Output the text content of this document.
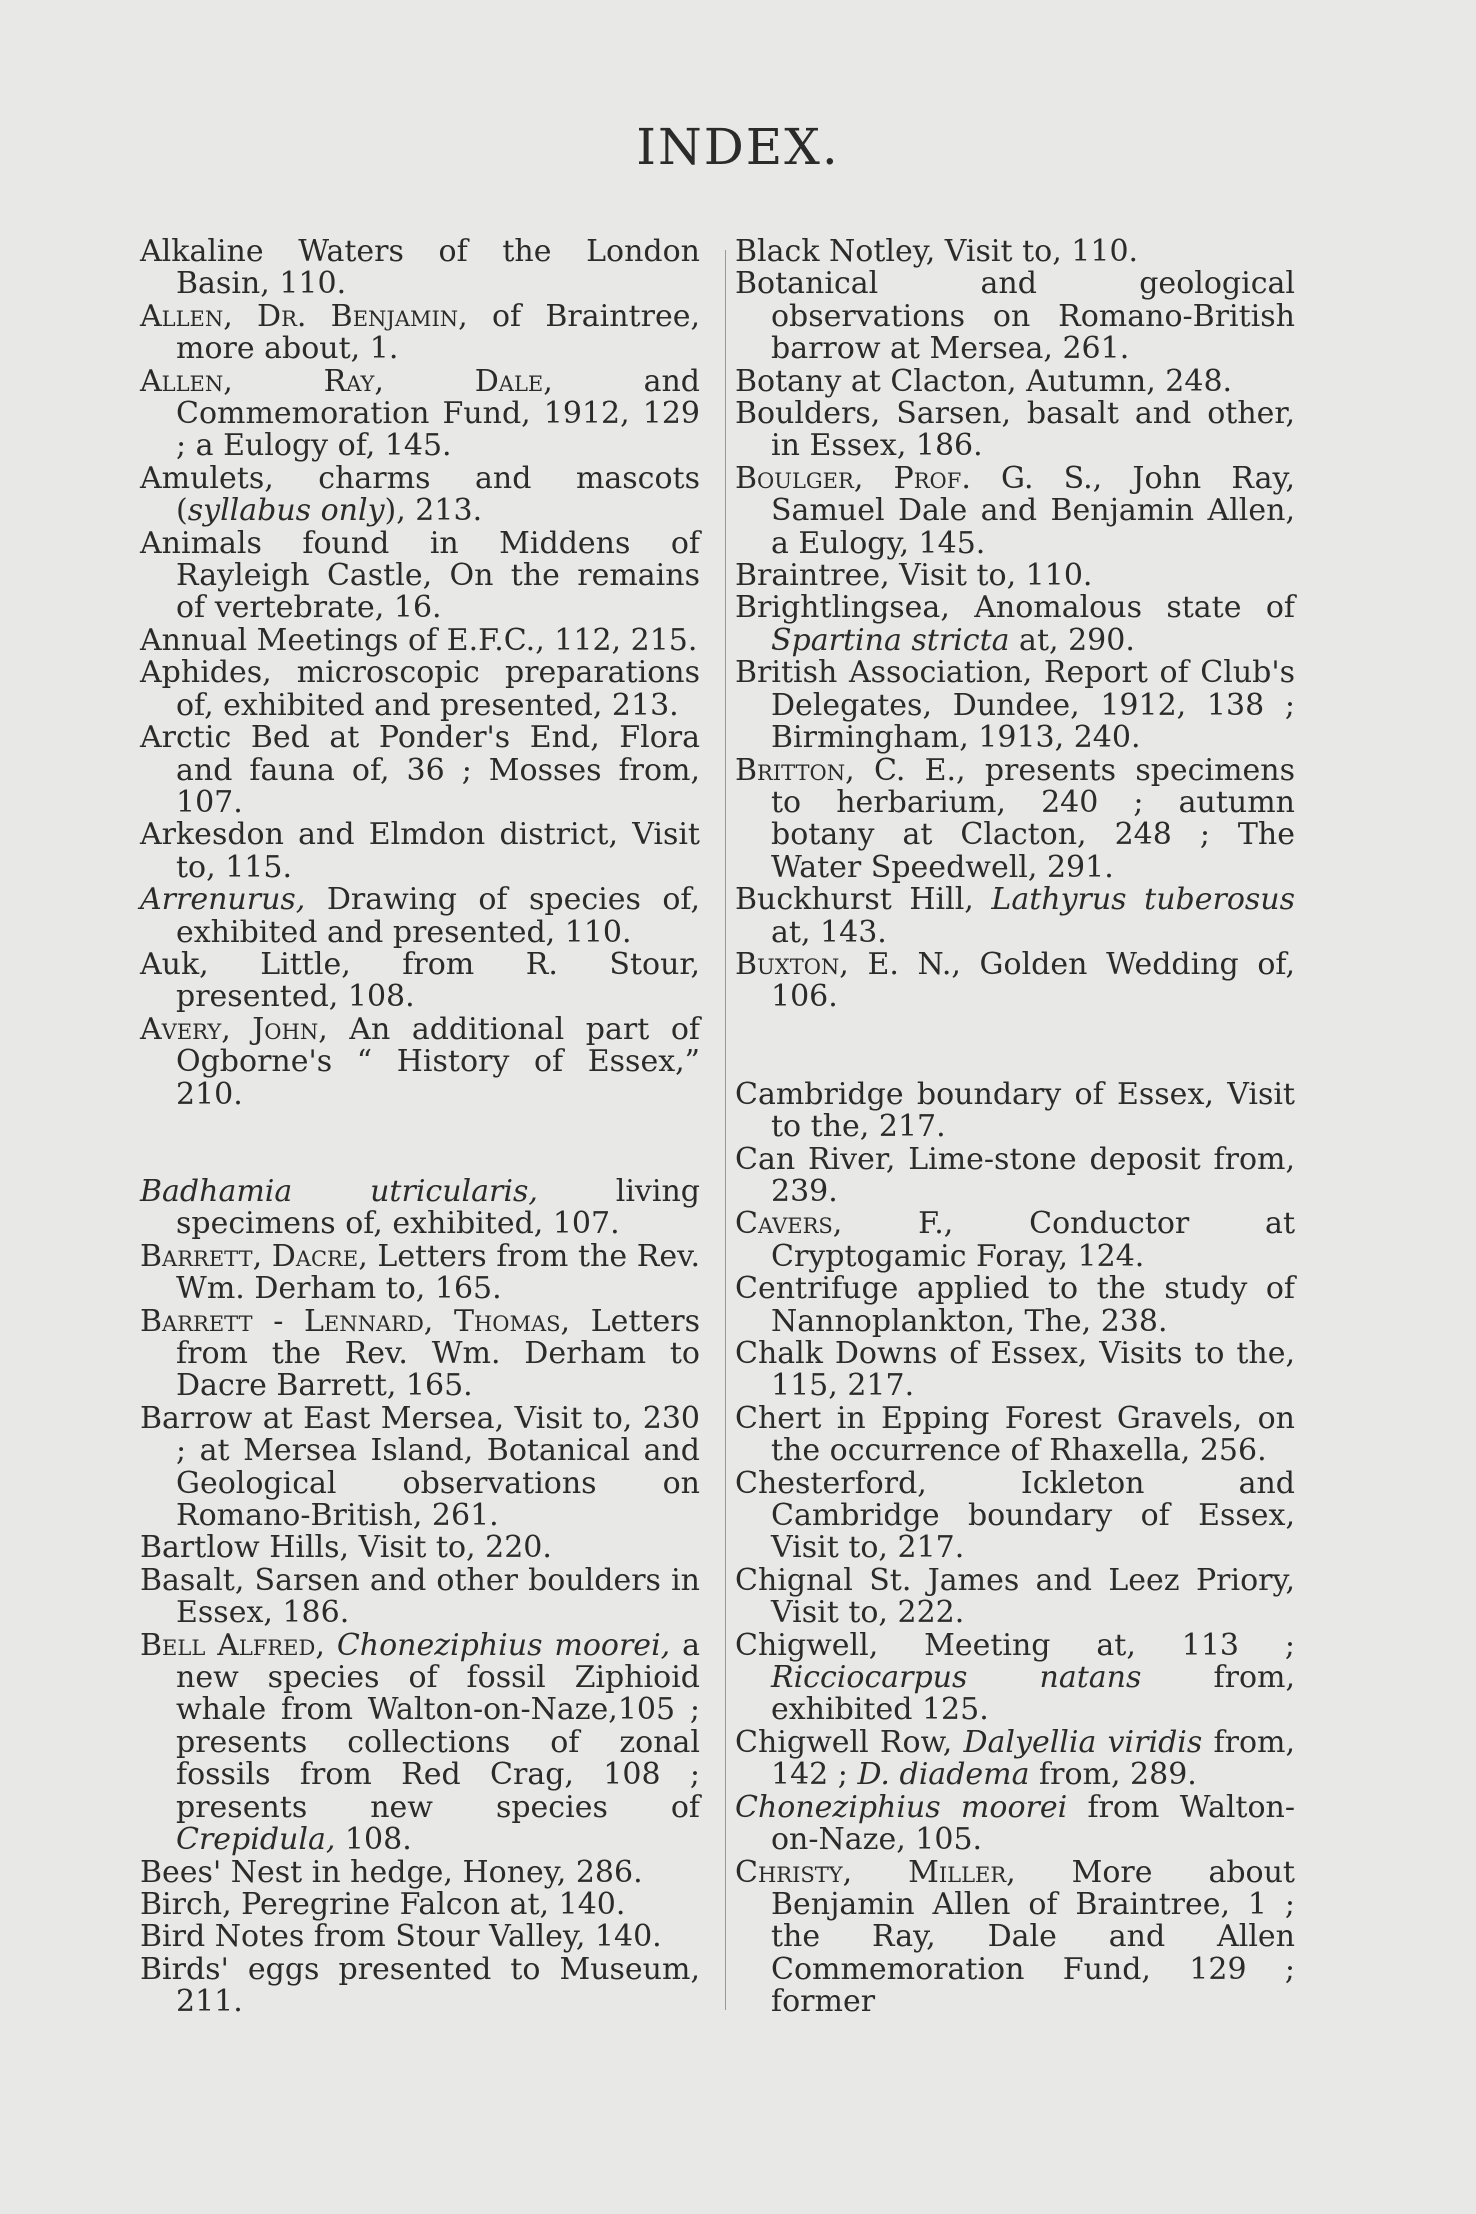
INDEX.

Alkaline Waters of the London Basin, 110.

Allen, Dr. Benjamin, of Braintree, more about, 1.

Allen, Ray, Dale, and Commemoration Fund, 1912, 129 ; a Eulogy of, 145.

Amulets, charms and mascots (syllabus only), 213.

Animals found in Middens of Rayleigh Castle, On the remains of vertebrate, 16.

Annual Meetings of E.F.C., 112, 215.

Aphides, microscopic preparations of, exhibited and presented, 213.

Arctic Bed at Ponder's End, Flora and fauna of, 36 ; Mosses from, 107.

Arkesdon and Elmdon district, Visit to, 115.

Arrenurus, Drawing of species of, exhibited and presented, 110.

Auk, Little, from R. Stour, presented, 108.

Avery, John, An additional part of Ogborne's “ History of Essex,” 210.

Badhamia utricularis, living specimens of, exhibited, 107.

Barrett, Dacre, Letters from the Rev. Wm. Derham to, 165.

Barrett - Lennard, Thomas, Letters from the Rev. Wm. Derham to Dacre Barrett, 165.

Barrow at East Mersea, Visit to, 230 ; at Mersea Island, Botanical and Geological observations on Romano-British, 261.

Bartlow Hills, Visit to, 220.

Basalt, Sarsen and other boulders in Essex, 186.

Bell Alfred, Choneziphius moorei, a new species of fossil Ziphioid whale from Walton-on-Naze,105 ; presents collections of zonal fossils from Red Crag, 108 ; presents new species of Crepidula, 108.

Bees' Nest in hedge, Honey, 286.

Birch, Peregrine Falcon at, 140.

Bird Notes from Stour Valley, 140.

Birds' eggs presented to Museum, 211.

Black Notley, Visit to, 110.

Botanical and geological observations on Romano-British barrow at Mersea, 261.

Botany at Clacton, Autumn, 248.

Boulders, Sarsen, basalt and other, in Essex, 186.

Boulger, Prof. G. S., John Ray, Samuel Dale and Benjamin Allen, a Eulogy, 145.

Braintree, Visit to, 110.

Brightlingsea, Anomalous state of Spartina stricta at, 290.

British Association, Report of Club's Delegates, Dundee, 1912, 138 ; Birmingham, 1913, 240.

Britton, C. E., presents specimens to herbarium, 240 ; autumn botany at Clacton, 248 ; The Water Speedwell, 291.

Buckhurst Hill, Lathyrus tuberosus at, 143.

Buxton, E. N., Golden Wedding of, 106.

Cambridge boundary of Essex, Visit to the, 217.

Can River, Lime-stone deposit from, 239.

Cavers, F., Conductor at Cryptogamic Foray, 124.

Centrifuge applied to the study of Nannoplankton, The, 238.

Chalk Downs of Essex, Visits to the, 115, 217.

Chert in Epping Forest Gravels, on the occurrence of Rhaxella, 256.

Chesterford, Ickleton and Cambridge boundary of Essex, Visit to, 217.

Chignal St. James and Leez Priory, Visit to, 222.

Chigwell, Meeting at, 113 ; Ricciocarpus natans from, exhibited 125.

Chigwell Row, Dalyellia viridis from, 142 ; D. diadema from, 289.

Choneziphius moorei from Walton-on-Naze, 105.

Christy, Miller, More about Benjamin Allen of Braintree, 1 ; the Ray, Dale and Allen Commemoration Fund, 129 ; former
